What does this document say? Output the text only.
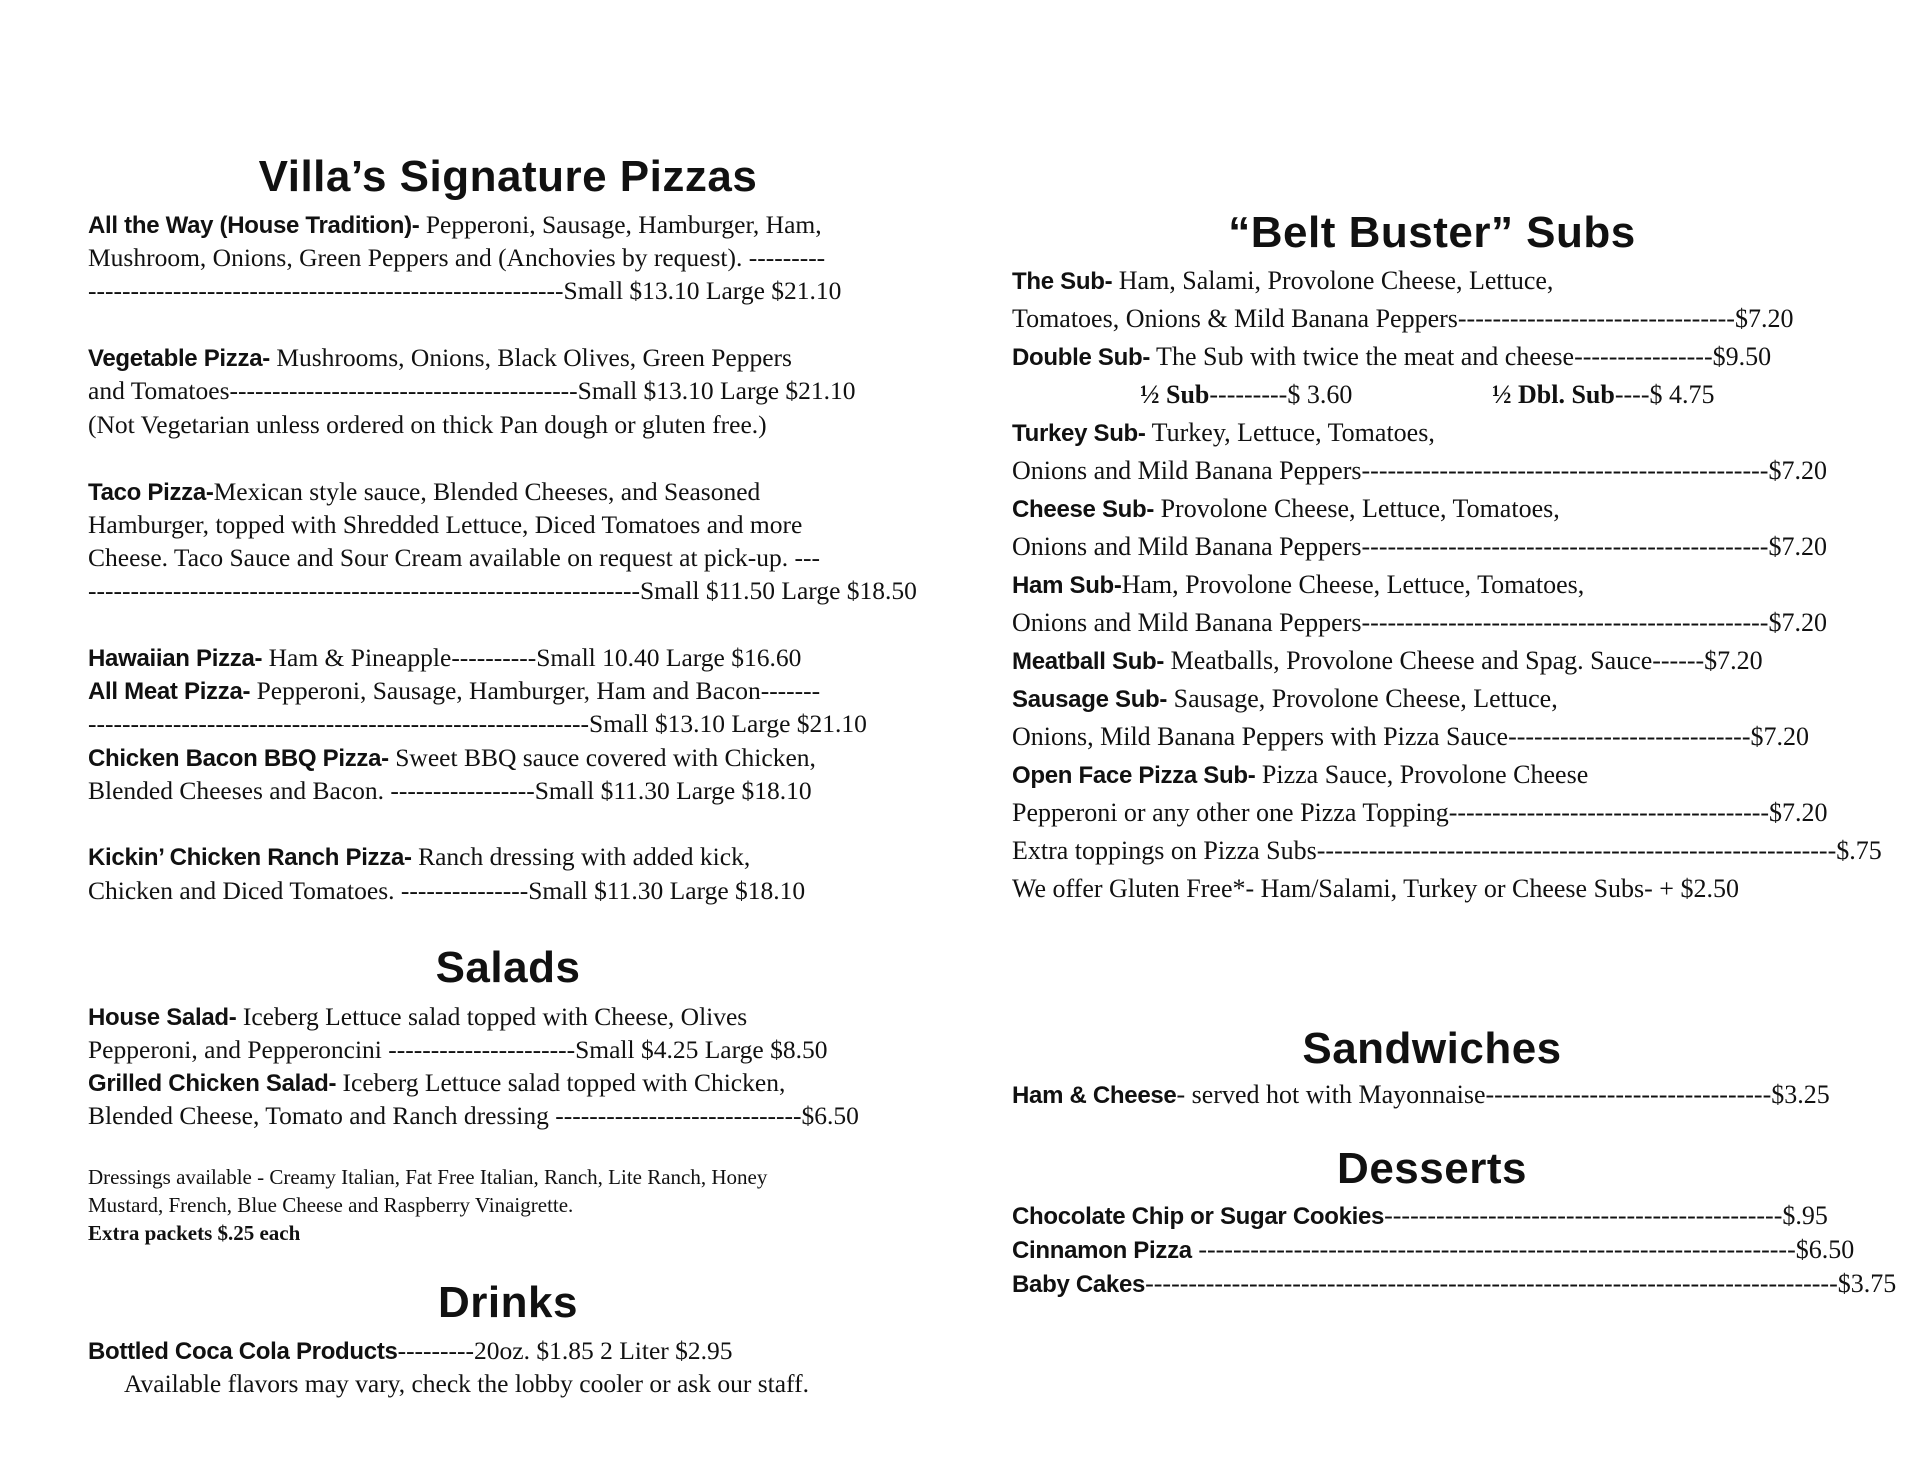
Villa’s Signature Pizzas
All the Way (House Tradition)- Pepperoni, Sausage, Hamburger, Ham,
Mushroom, Onions, Green Peppers and (Anchovies by request). ---------
--------------------------------------------------------Small $13.10 Large $21.10
Vegetable Pizza- Mushrooms, Onions, Black Olives, Green Peppers
and Tomatoes-----------------------------------------Small $13.10 Large $21.10
(Not Vegetarian unless ordered on thick Pan dough or gluten free.)
Taco Pizza-Mexican style sauce, Blended Cheeses, and Seasoned
Hamburger, topped with Shredded Lettuce, Diced Tomatoes and more
Cheese. Taco Sauce and Sour Cream available on request at pick-up. ---
-----------------------------------------------------------------Small $11.50 Large $18.50
Hawaiian Pizza- Ham & Pineapple----------Small 10.40 Large $16.60
All Meat Pizza- Pepperoni, Sausage, Hamburger, Ham and Bacon-------
-----------------------------------------------------------Small $13.10 Large $21.10
Chicken Bacon BBQ Pizza- Sweet BBQ sauce covered with Chicken,
Blended Cheeses and Bacon. -----------------Small $11.30 Large $18.10
Kickin’ Chicken Ranch Pizza- Ranch dressing with added kick,
Chicken and Diced Tomatoes. ---------------Small $11.30 Large $18.10
Salads
House Salad- Iceberg Lettuce salad topped with Cheese, Olives
Pepperoni, and Pepperoncini ----------------------Small $4.25 Large $8.50
Grilled Chicken Salad- Iceberg Lettuce salad topped with Chicken,
Blended Cheese, Tomato and Ranch dressing -----------------------------$6.50
Dressings available - Creamy Italian, Fat Free Italian, Ranch, Lite Ranch, Honey
Mustard, French, Blue Cheese and Raspberry Vinaigrette.
Extra packets $.25 each
Drinks
Bottled Coca Cola Products---------20oz. $1.85 2 Liter $2.95
Available flavors may vary, check the lobby cooler or ask our staff.
“Belt Buster” Subs
The Sub- Ham, Salami, Provolone Cheese, Lettuce,
Tomatoes, Onions & Mild Banana Peppers--------------------------------$7.20
Double Sub- The Sub with twice the meat and cheese----------------$9.50
½ Sub---------$ 3.60	½ Dbl. Sub----$ 4.75
Turkey Sub- Turkey, Lettuce, Tomatoes,
Onions and Mild Banana Peppers-----------------------------------------------$7.20
Cheese Sub- Provolone Cheese, Lettuce, Tomatoes,
Onions and Mild Banana Peppers-----------------------------------------------$7.20
Ham Sub-Ham, Provolone Cheese, Lettuce, Tomatoes,
Onions and Mild Banana Peppers-----------------------------------------------$7.20
Meatball Sub- Meatballs, Provolone Cheese and Spag. Sauce------$7.20
Sausage Sub- Sausage, Provolone Cheese, Lettuce,
Onions, Mild Banana Peppers with Pizza Sauce----------------------------$7.20
Open Face Pizza Sub- Pizza Sauce, Provolone Cheese
Pepperoni or any other one Pizza Topping-------------------------------------$7.20
Extra toppings on Pizza Subs------------------------------------------------------------$.75
We offer Gluten Free*- Ham/Salami, Turkey or Cheese Subs- + $2.50
Sandwiches
Ham & Cheese- served hot with Mayonnaise---------------------------------$3.25
Desserts
Chocolate Chip or Sugar Cookies----------------------------------------------$.95
Cinnamon Pizza ---------------------------------------------------------------------$6.50
Baby Cakes--------------------------------------------------------------------------------$3.75
